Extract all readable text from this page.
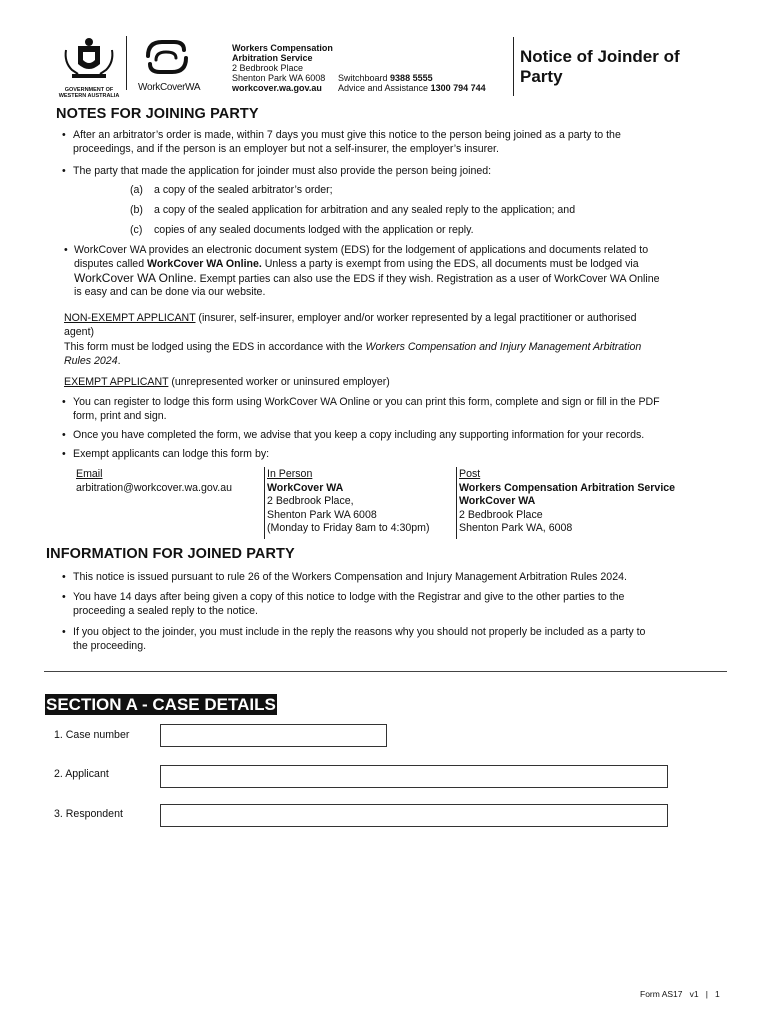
GOVERNMENT OF
WESTERN AUSTRALIA
WorkCoverWA
Workers Compensation
Arbitration Service
2 Bedbrook Place
Shenton Park WA 6008 Switchboard 9388 5555
workcover.wa.gov.au Advice and Assistance 1300 794 744
Notice of Joinder of
Party
NOTES FOR JOINING PARTY
• After an arbitrator’s order is made, within 7 days you must give this notice to the person being joined as a party to the
proceedings, and if the person is an employer but not a self-insurer, the employer’s insurer.
• The party that made the application for joinder must also provide the person being joined:
(a) a copy of the sealed arbitrator’s order;
(b) a copy of the sealed application for arbitration and any sealed reply to the application; and
(c) copies of any sealed documents lodged with the application or reply.
• WorkCover WA provides an electronic document system (EDS) for the lodgement of applications and documents related to
disputes called WorkCover WA Online. Unless a party is exempt from using the EDS, all documents must be lodged via
WorkCover WA Online. Exempt parties can also use the EDS if they wish. Registration as a user of WorkCover WA Online
is easy and can be done via our website.
NON-EXEMPT APPLICANT (insurer, self-insurer, employer and/or worker represented by a legal practitioner or authorised
agent)
This form must be lodged using the EDS in accordance with the Workers Compensation and Injury Management Arbitration
Rules 2024.
EXEMPT APPLICANT (unrepresented worker or uninsured employer)
• You can register to lodge this form using WorkCover WA Online or you can print this form, complete and sign or fill in the PDF
form, print and sign.
• Once you have completed the form, we advise that you keep a copy including any supporting information for your records.
• Exempt applicants can lodge this form by:
Email
arbitration@workcover.wa.gov.au
In Person
WorkCover WA
2 Bedbrook Place,
Shenton Park WA 6008
(Monday to Friday 8am to 4:30pm)
Post
Workers Compensation Arbitration Service
WorkCover WA
2 Bedbrook Place
Shenton Park WA, 6008
INFORMATION FOR JOINED PARTY
• This notice is issued pursuant to rule 26 of the Workers Compensation and Injury Management Arbitration Rules 2024.
• You have 14 days after being given a copy of this notice to lodge with the Registrar and give to the other parties to the
proceeding a sealed reply to the notice.
• If you object to the joinder, you must include in the reply the reasons why you should not properly be included as a party to
the proceeding.
SECTION A - CASE DETAILS
1. Case number
2. Applicant
3. Respondent
Form AS17 v1 | 1
